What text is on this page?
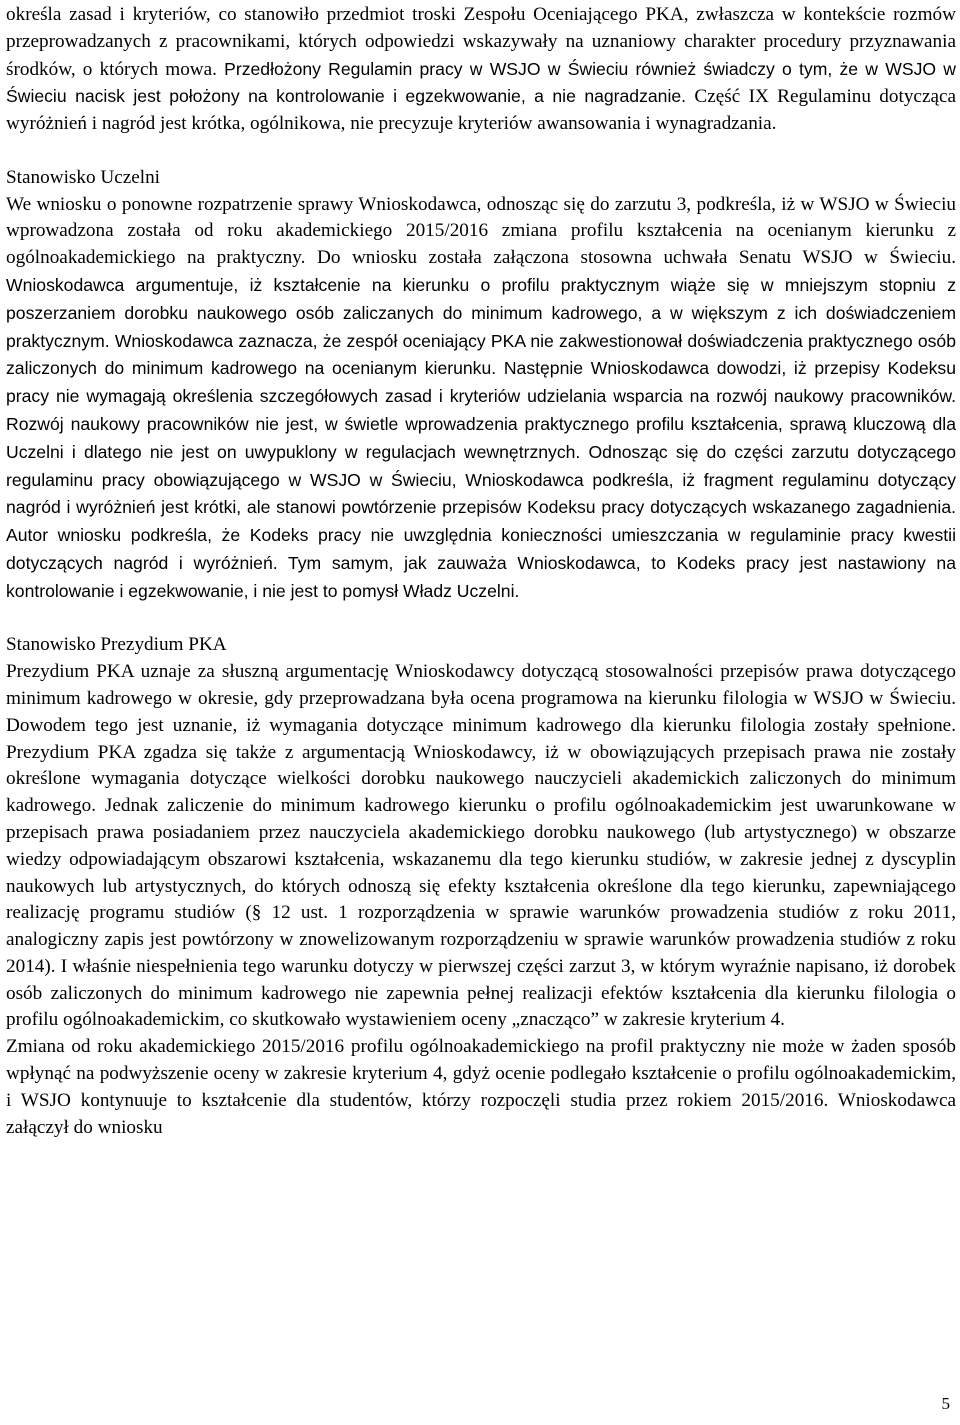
określa zasad i kryteriów, co stanowiło przedmiot troski Zespołu Oceniającego PKA, zwłaszcza w kontekście rozmów przeprowadzanych z pracownikami, których odpowiedzi wskazywały na uznaniowy charakter procedury przyznawania środków, o których mowa. Przedłożony Regulamin pracy w WSJO w Świeciu również świadczy o tym, że w WSJO w Świeciu nacisk jest położony na kontrolowanie i egzekwowanie, a nie nagradzanie. Część IX Regulaminu dotycząca wyróżnień i nagród jest krótka, ogólnikowa, nie precyzuje kryteriów awansowania i wynagradzania.

Stanowisko Uczelni

We wniosku o ponowne rozpatrzenie sprawy Wnioskodawca, odnosząc się do zarzutu 3, podkreśla, iż w WSJO w Świeciu wprowadzona została od roku akademickiego 2015/2016 zmiana profilu kształcenia na ocenianym kierunku z ogólnoakademickiego na praktyczny. Do wniosku została załączona stosowna uchwała Senatu WSJO w Świeciu. Wnioskodawca argumentuje, iż kształcenie na kierunku o profilu praktycznym wiąże się w mniejszym stopniu z poszerzaniem dorobku naukowego osób zaliczanych do minimum kadrowego, a w większym z ich doświadczeniem praktycznym. Wnioskodawca zaznacza, że zespół oceniający PKA nie zakwestionował doświadczenia praktycznego osób zaliczonych do minimum kadrowego na ocenianym kierunku. Następnie Wnioskodawca dowodzi, iż przepisy Kodeksu pracy nie wymagają określenia szczegółowych zasad i kryteriów udzielania wsparcia na rozwój naukowy pracowników. Rozwój naukowy pracowników nie jest, w świetle wprowadzenia praktycznego profilu kształcenia, sprawą kluczową dla Uczelni i dlatego nie jest on uwypuklony w regulacjach wewnętrznych. Odnosząc się do części zarzutu dotyczącego regulaminu pracy obowiązującego w WSJO w Świeciu, Wnioskodawca podkreśla, iż fragment regulaminu dotyczący nagród i wyróżnień jest krótki, ale stanowi powtórzenie przepisów Kodeksu pracy dotyczących wskazanego zagadnienia. Autor wniosku podkreśla, że Kodeks pracy nie uwzględnia konieczności umieszczania w regulaminie pracy kwestii dotyczących nagród i wyróżnień. Tym samym, jak zauważa Wnioskodawca, to Kodeks pracy jest nastawiony na kontrolowanie i egzekwowanie, i nie jest to pomysł Władz Uczelni.

Stanowisko Prezydium PKA

Prezydium PKA uznaje za słuszną argumentację Wnioskodawcy dotyczącą stosowalności przepisów prawa dotyczącego minimum kadrowego w okresie, gdy przeprowadzana była ocena programowa na kierunku filologia w WSJO w Świeciu. Dowodem tego jest uznanie, iż wymagania dotyczące minimum kadrowego dla kierunku filologia zostały spełnione. Prezydium PKA zgadza się także z argumentacją Wnioskodawcy, iż w obowiązujących przepisach prawa nie zostały określone wymagania dotyczące wielkości dorobku naukowego nauczycieli akademickich zaliczonych do minimum kadrowego. Jednak zaliczenie do minimum kadrowego kierunku o profilu ogólnoakademickim jest uwarunkowane w przepisach prawa posiadaniem przez nauczyciela akademickiego dorobku naukowego (lub artystycznego) w obszarze wiedzy odpowiadającym obszarowi kształcenia, wskazanemu dla tego kierunku studiów, w zakresie jednej z dyscyplin naukowych lub artystycznych, do których odnoszą się efekty kształcenia określone dla tego kierunku, zapewniającego realizację programu studiów (§ 12 ust. 1 rozporządzenia w sprawie warunków prowadzenia studiów z roku 2011, analogiczny zapis jest powtórzony w znowelizowanym rozporządzeniu w sprawie warunków prowadzenia studiów z roku 2014). I właśnie niespełnienia tego warunku dotyczy w pierwszej części zarzut 3, w którym wyraźnie napisano, iż dorobek osób zaliczonych do minimum kadrowego nie zapewnia pełnej realizacji efektów kształcenia dla kierunku filologia o profilu ogólnoakademickim, co skutkowało wystawieniem oceny „znacząco” w zakresie kryterium 4.

Zmiana od roku akademickiego 2015/2016 profilu ogólnoakademickiego na profil praktyczny nie może w żaden sposób wpłynąć na podwyższenie oceny w zakresie kryterium 4, gdyż ocenie podlegało kształcenie o profilu ogólnoakademickim, i WSJO kontynuuje to kształcenie dla studentów, którzy rozpoczęli studia przez rokiem 2015/2016. Wnioskodawca załączył do wniosku

5
